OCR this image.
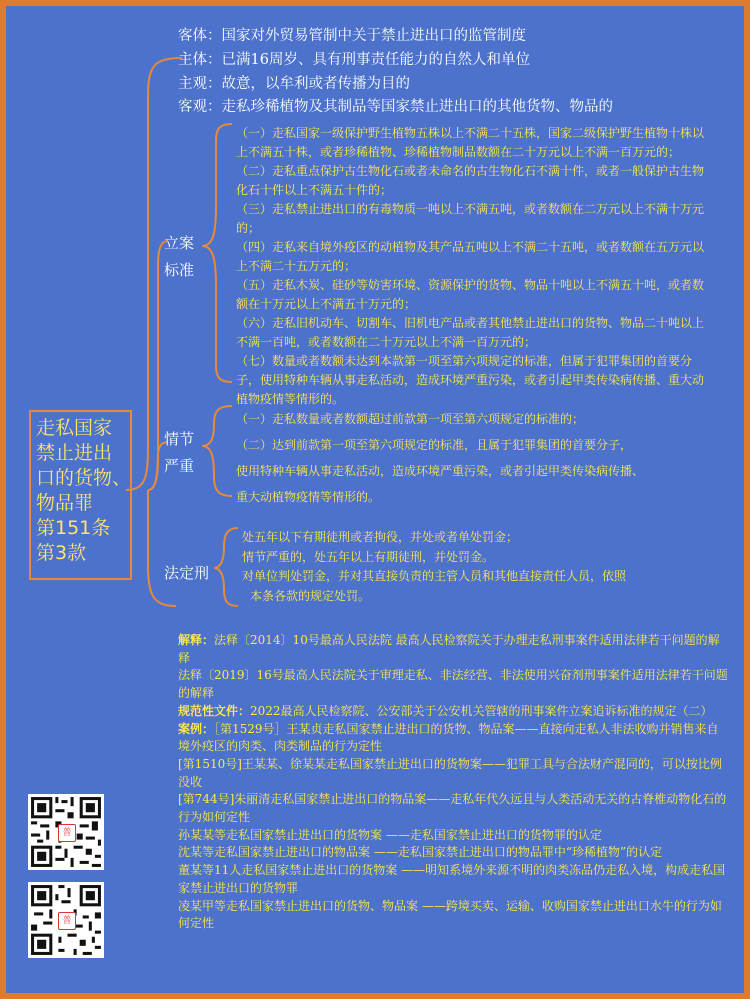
走私国家
禁止进出
口的货物、
物品罪
第151条
第3款
客体：国家对外贸易管制中关于禁止进出口的监管制度
主体：已满16周岁、具有刑事责任能力的自然人和单位
主观：故意，以牟利或者传播为目的
客观：走私珍稀植物及其制品等国家禁止进出口的其他货物、物品的
立案
标准
情节
严重
法定刑
（一）走私国家一级保护野生植物五株以上不满二十五株，国家二级保护野生植物十株以上不满五十株，或者珍稀植物、珍稀植物制品数额在二十万元以上不满一百万元的；
（二）走私重点保护古生物化石或者未命名的古生物化石不满十件，或者一般保护古生物化石十件以上不满五十件的；
（三）走私禁止进出口的有毒物质一吨以上不满五吨，或者数额在二万元以上不满十万元的；
（四）走私来自境外疫区的动植物及其产品五吨以上不满二十五吨，或者数额在五万元以上不满二十五万元的；
（五）走私木炭、硅砂等妨害环境、资源保护的货物、物品十吨以上不满五十吨，或者数额在十万元以上不满五十万元的；
（六）走私旧机动车、切割车、旧机电产品或者其他禁止进出口的货物、物品二十吨以上不满一百吨，或者数额在二十万元以上不满一百万元的；
（七）数量或者数额未达到本款第一项至第六项规定的标准，但属于犯罪集团的首要分子，使用特种车辆从事走私活动，造成环境严重污染，或者引起甲类传染病传播、重大动植物疫情等情形的。
（一）走私数量或者数额超过前款第一项至第六项规定的标准的；
（二）达到前款第一项至第六项规定的标准，且属于犯罪集团的首要分子，
使用特种车辆从事走私活动，造成环境严重污染，或者引起甲类传染病传播、
重大动植物疫情等情形的。
处五年以下有期徒刑或者拘役，并处或者单处罚金；
情节严重的，处五年以上有期徒刑，并处罚金。
对单位判处罚金，并对其直接负责的主管人员和其他直接责任人员，依照
本条各款的规定处罚。
解释：法释〔2014〕10号最高人民法院 最高人民检察院关于办理走私刑事案件适用法律若干问题的解释
法释〔2019〕16号最高人民法院关于审理走私、非法经营、非法使用兴奋剂刑事案件适用法律若干问题的解释
规范性文件：2022最高人民检察院、公安部关于公安机关管辖的刑事案件立案追诉标准的规定（二）
案例：［第1529号］王某贞走私国家禁止进出口的货物、物品案——直接向走私人非法收购并销售来自境外疫区的肉类、肉类制品的行为定性
[第1510号]王某某、徐某某走私国家禁止进出口的货物案——犯罪工具与合法财产混同的，可以按比例没收
[第744号]朱丽清走私国家禁止进出口的物品案——走私年代久远且与人类活动无关的古脊椎动物化石的行为如何定性
孙某某等走私国家禁止进出口的货物案 ——走私国家禁止进出口的货物罪的认定
沈某等走私国家禁止进出口的物品案 ——走私国家禁止进出口的物品罪中“珍稀植物”的认定
董某等11人走私国家禁止进出口的货物案 ——明知系境外来源不明的肉类冻品仍走私入境，构成走私国家禁止进出口的货物罪
凌某甲等走私国家禁止进出口的货物、物品案 ——跨境买卖、运输、收购国家禁止进出口水牛的行为如何定性
普
普
